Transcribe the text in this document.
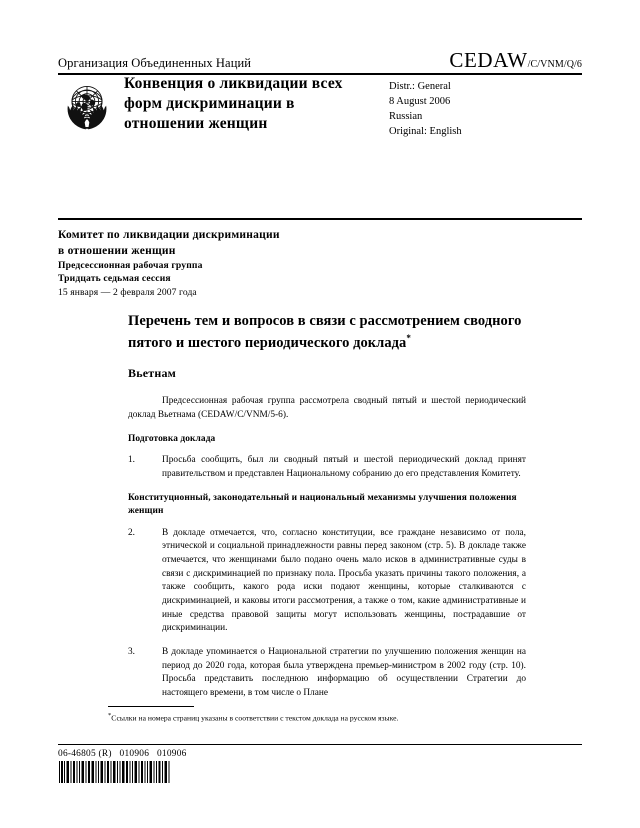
Организация Объединенных Наций	CEDAW/C/VNM/Q/6
Конвенция о ликвидации всех форм дискриминации в отношении женщин
Distr.: General
8 August 2006
Russian
Original: English
Комитет по ликвидации дискриминации
в отношении женщин
Предсессионная рабочая группа
Тридцать седьмая сессия
15 января — 2 февраля 2007 года
Перечень тем и вопросов в связи с рассмотрением сводного пятого и шестого периодического доклада*
Вьетнам

Предсессионная рабочая группа рассмотрела сводный пятый и шестой периодический доклад Вьетнама (CEDAW/C/VNM/5-6).

Подготовка доклада
1.	Просьба сообщить, был ли сводный пятый и шестой периодический доклад принят правительством и представлен Национальному собранию до его представления Комитету.
Конституционный, законодательный и национальный механизмы улучшения положения женщин
2.	В докладе отмечается, что, согласно конституции, все граждане независимо от пола, этнической и социальной принадлежности равны перед законом (стр. 5). В докладе также отмечается, что женщинами было подано очень мало исков в административные суды в связи с дискриминацией по признаку пола. Просьба указать причины такого положения, а также сообщить, какого рода иски подают женщины, которые сталкиваются с дискриминацией, и каковы итоги рассмотрения, а также о том, какие административные и иные средства правовой защиты могут использовать женщины, пострадавшие от дискриминации.
3.	В докладе упоминается о Национальной стратегии по улучшению положения женщин на период до 2020 года, которая была утверждена премьер-министром в 2002 году (стр. 10). Просьба представить последнюю информацию об осуществлении Стратегии до настоящего времени, в том числе о Плане
*Ссылки на номера страниц указаны в соответствии с текстом доклада на русском языке.
06-46805 (R)   010906   010906
